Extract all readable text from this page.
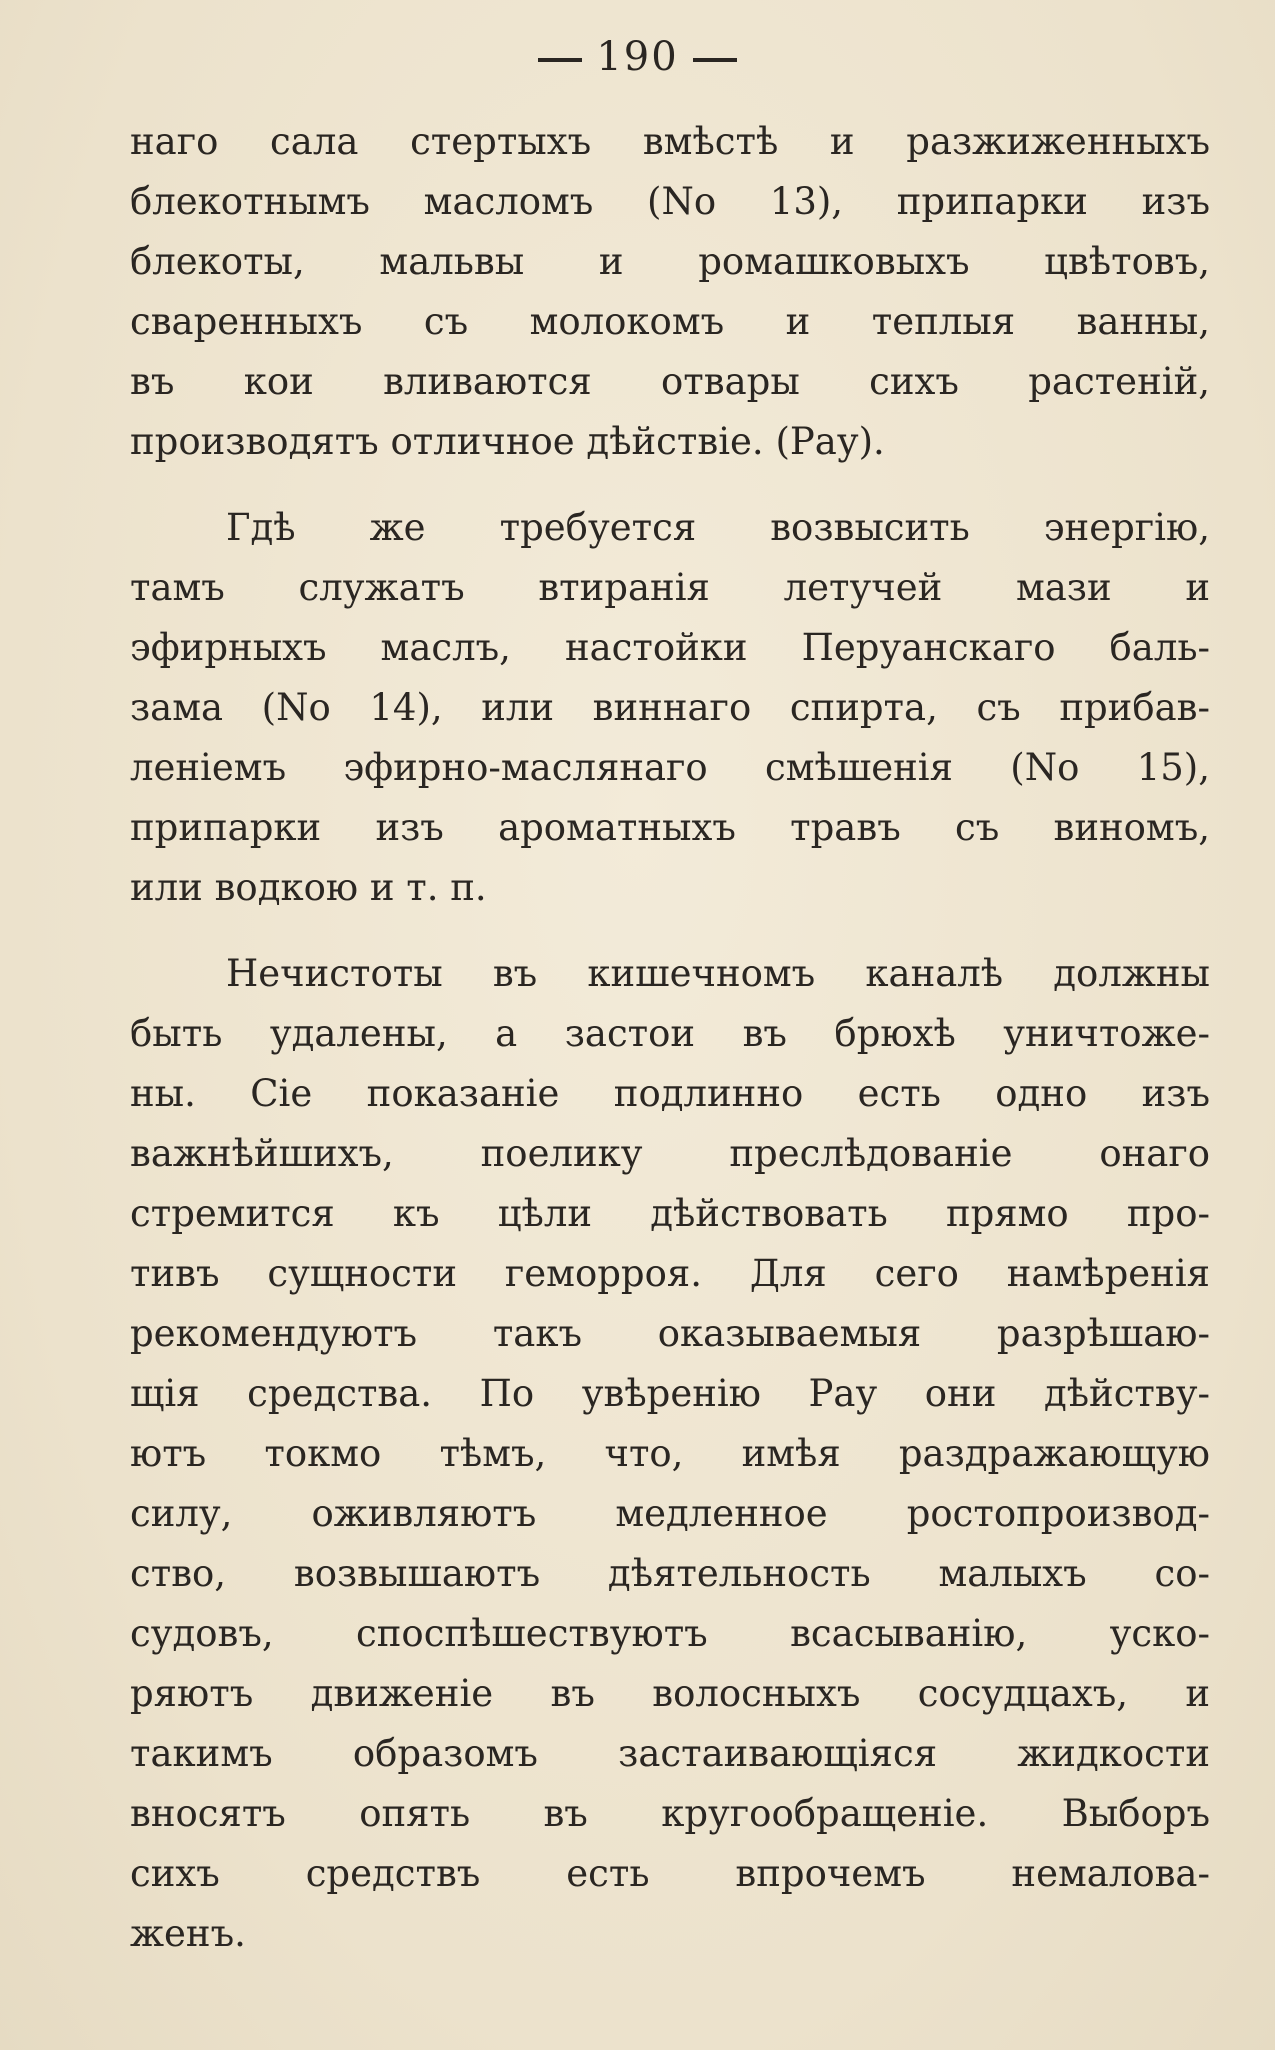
190
наго сала стертыхъ вмѣстѣ и разжиженныхъ
блекотнымъ масломъ (No 13), припарки изъ
блекоты, мальвы и ромашковыхъ цвѣтовъ,
сваренныхъ съ молокомъ и теплыя ванны,
въ кои вливаются отвары сихъ растеній,
производятъ отличное дѣйствіе. (Рау).
Гдѣ же требуется возвысить энергію,
тамъ служатъ втиранія летучей мази и
эфирныхъ маслъ, настойки Перуанскаго баль-
зама (No 14), или виннаго спирта, съ прибав-
леніемъ эфирно-маслянаго смѣшенія (No 15),
припарки изъ ароматныхъ травъ съ виномъ,
или водкою и т. п.
Нечистоты въ кишечномъ каналѣ должны
быть удалены, а застои въ брюхѣ уничтоже-
ны. Сіе показаніе подлинно есть одно изъ
важнѣйшихъ, поелику преслѣдованіе онаго
стремится къ цѣли дѣйствовать прямо про-
тивъ сущности геморроя. Для сего намѣренія
рекомендуютъ такъ оказываемыя разрѣшаю-
щія средства. По увѣренію Рау они дѣйству-
ютъ токмо тѣмъ, что, имѣя раздражающую
силу, оживляютъ медленное ростопроизвод-
ство, возвышаютъ дѣятельность малыхъ со-
судовъ, споспѣшествуютъ всасыванію, уско-
ряютъ движеніе въ волосныхъ сосудцахъ, и
такимъ образомъ застаивающіяся жидкости
вносятъ опять въ кругообращеніе. Выборъ
сихъ средствъ есть впрочемъ немалова-
женъ.
